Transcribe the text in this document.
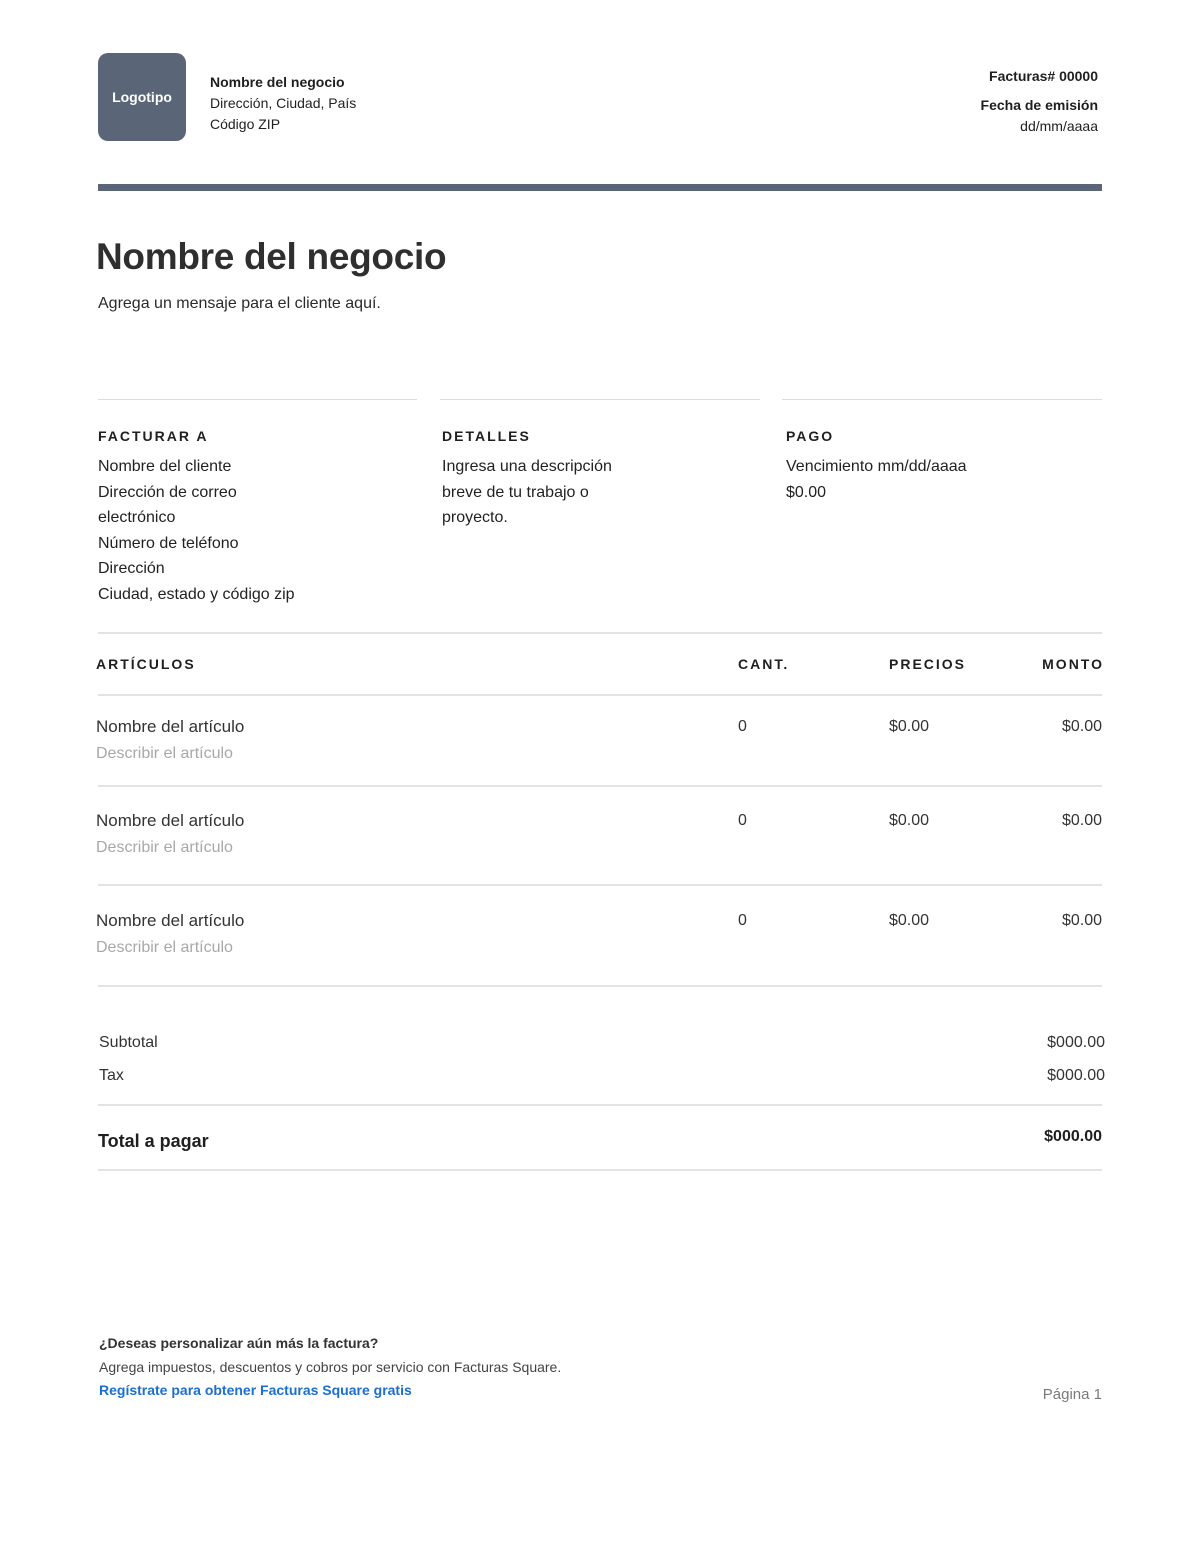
Logotipo
Nombre del negocio
Dirección, Ciudad, País
Código ZIP
Facturas# 00000
Fecha de emisión
dd/mm/aaaa
Nombre del negocio
Agrega un mensaje para el cliente aquí.
FACTURAR A
Nombre del cliente
Dirección de correo
electrónico
Número de teléfono
Dirección
Ciudad, estado y código zip
DETALLES
Ingresa una descripción
breve de tu trabajo o
proyecto.
PAGO
Vencimiento mm/dd/aaaa
$0.00
ARTÍCULOS	CANT.	PRECIOS	MONTO
Nombre del artículo
Describir el artículo
0	$0.00	$0.00
Nombre del artículo
Describir el artículo
0	$0.00	$0.00
Nombre del artículo
Describir el artículo
0	$0.00	$0.00
Subtotal	$000.00
Tax	$000.00
Total a pagar	$000.00
¿Deseas personalizar aún más la factura?
Agrega impuestos, descuentos y cobros por servicio con Facturas Square.
Regístrate para obtener Facturas Square gratis	Página 1
